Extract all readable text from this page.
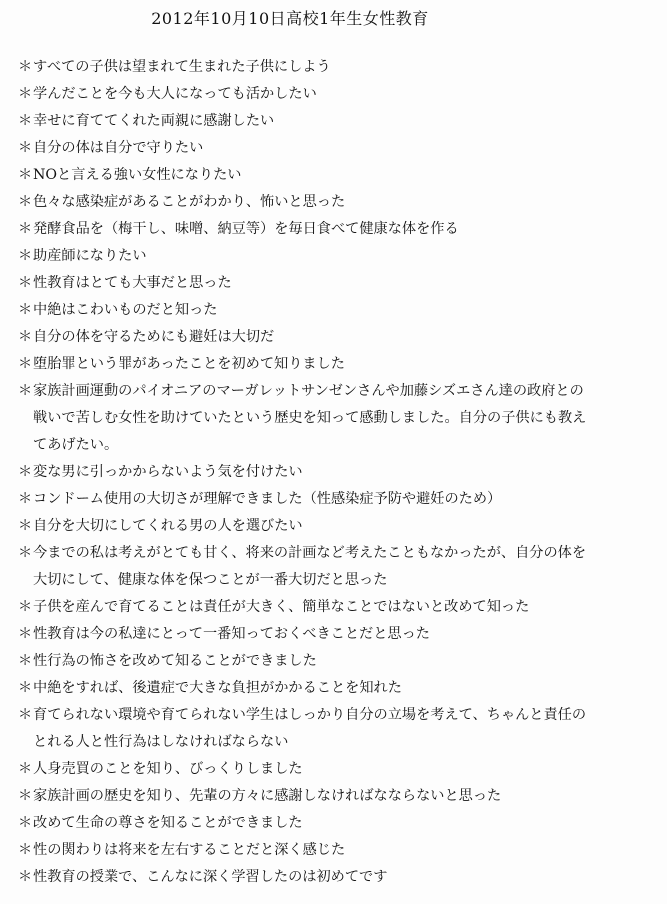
2012年10月10日高校1年生女性教育
＊ すべての子供は望まれて生まれた子供にしよう
＊ 学んだことを今も大人になっても活かしたい
＊ 幸せに育ててくれた両親に感謝したい
＊ 自分の体は自分で守りたい
＊ NOと言える強い女性になりたい
＊ 色々な感染症があることがわかり、怖いと思った
＊ 発酵食品を（梅干し、味噌、納豆等）を毎日食べて健康な体を作る
＊ 助産師になりたい
＊ 性教育はとても大事だと思った
＊ 中絶はこわいものだと知った
＊ 自分の体を守るためにも避妊は大切だ
＊ 堕胎罪という罪があったことを初めて知りました
＊ 家族計画運動のパイオニアのマーガレットサンゼンさんや加藤シズエさん達の政府との
戦いで苦しむ女性を助けていたという歴史を知って感動しました。自分の子供にも教え
てあげたい。
＊ 変な男に引っかからないよう気を付けたい
＊ コンドーム使用の大切さが理解できました（性感染症予防や避妊のため）
＊ 自分を大切にしてくれる男の人を選びたい
＊ 今までの私は考えがとても甘く、将来の計画など考えたこともなかったが、自分の体を
大切にして、健康な体を保つことが一番大切だと思った
＊ 子供を産んで育てることは責任が大きく、簡単なことではないと改めて知った
＊ 性教育は今の私達にとって一番知っておくべきことだと思った
＊ 性行為の怖さを改めて知ることができました
＊ 中絶をすれば、後遺症で大きな負担がかかることを知れた
＊ 育てられない環境や育てられない学生はしっかり自分の立場を考えて、ちゃんと責任の
とれる人と性行為はしなければならない
＊ 人身売買のことを知り、びっくりしました
＊ 家族計画の歴史を知り、先輩の方々に感謝しなければなならないと思った
＊ 改めて生命の尊さを知ることができました
＊ 性の関わりは将来を左右することだと深く感じた
＊ 性教育の授業で、こんなに深く学習したのは初めてです
